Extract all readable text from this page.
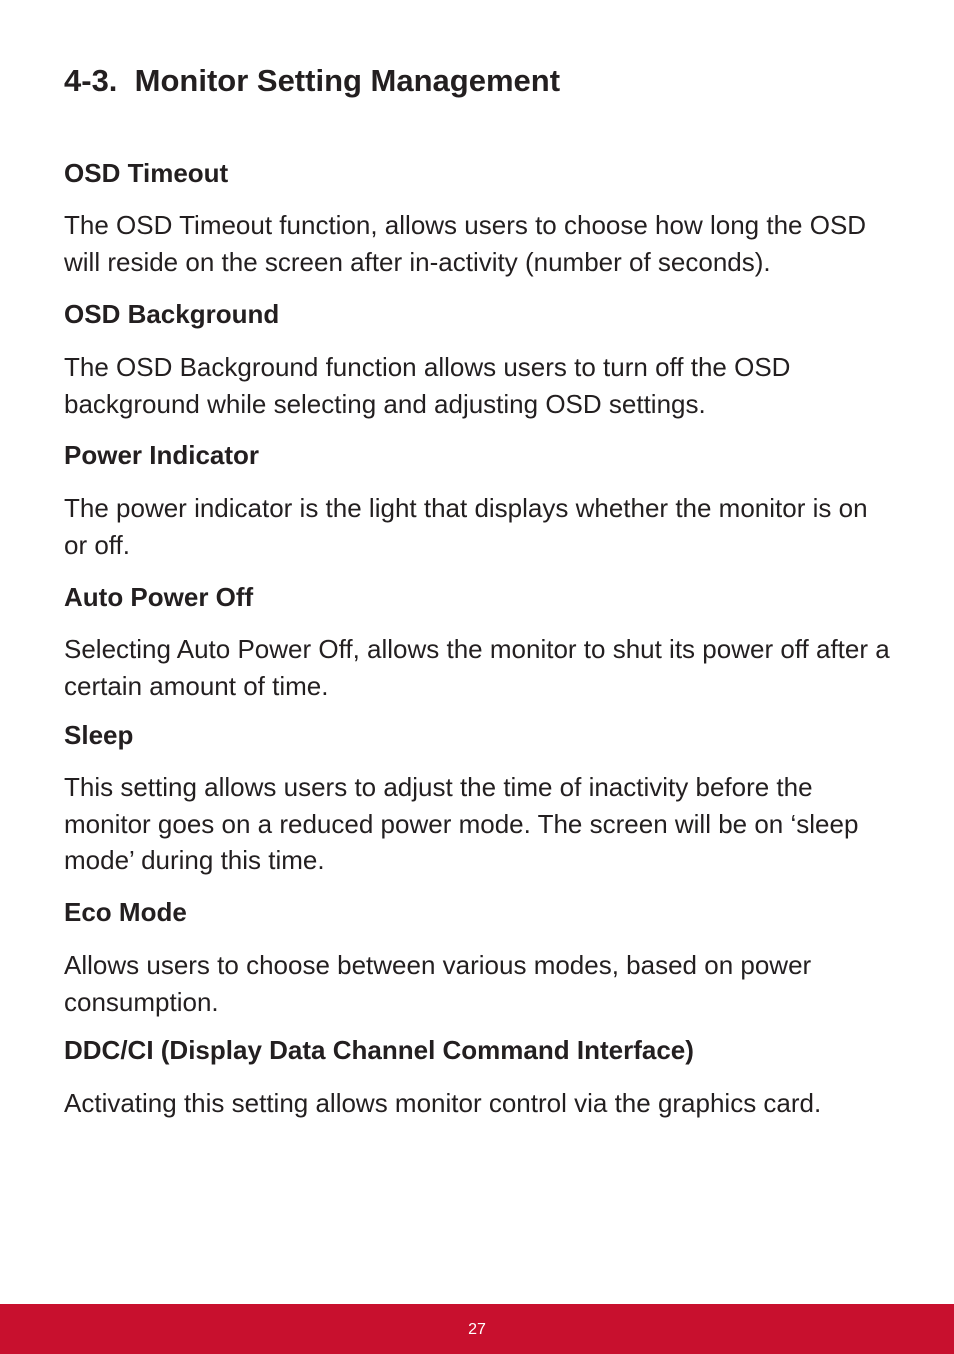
4-3.  Monitor Setting Management
OSD Timeout

The OSD Timeout function, allows users to choose how long the OSD will reside on the screen after in-activity (number of seconds).

OSD Background

The OSD Background function allows users to turn off the OSD background while selecting and adjusting OSD settings.

Power Indicator

The power indicator is the light that displays whether the monitor is on or off.

Auto Power Off

Selecting Auto Power Off, allows the monitor to shut its power off after a certain amount of time.

Sleep

This setting allows users to adjust the time of inactivity before the monitor goes on a reduced power mode. The screen will be on ‘sleep mode’ during this time.

Eco Mode

Allows users to choose between various modes, based on power consumption.

DDC/CI (Display Data Channel Command Interface)

Activating this setting allows monitor control via the graphics card.

27
